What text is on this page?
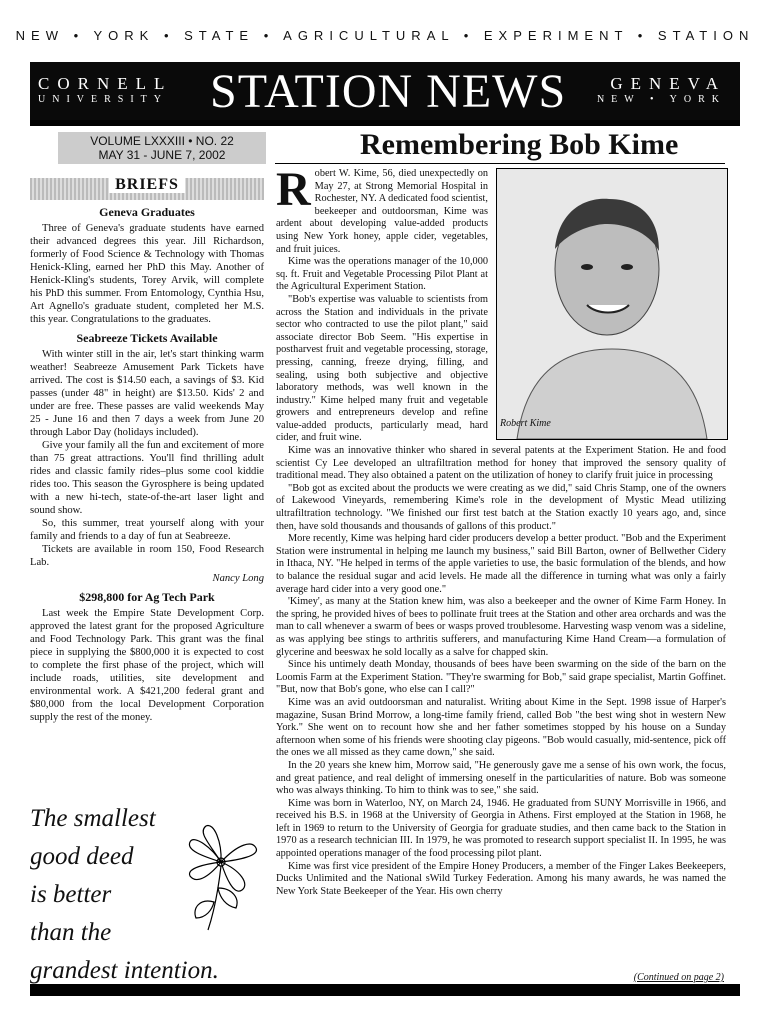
NEW • YORK • STATE • AGRICULTURAL • EXPERIMENT • STATION
CORNELL
UNIVERSITY STATION NEWS	GENEVA
NEW • YORK
VOLUME LXXXIII • NO. 22
MAY 31 - JUNE 7, 2002	Remembering Bob Kime
BRIEFS
Geneva Graduates

Three of Geneva's graduate students have earned their advanced degrees this year. Jill Richardson, formerly of Food Science & Technology with Thomas Henick-Kling, earned her PhD this May. Another of Henick-Kling's students, Torey Arvik, will complete his PhD this summer. From Entomology, Cynthia Hsu, Art Agnello's graduate student, completed her M.S. this year. Congratulations to the graduates.

Seabreeze Tickets Available

With winter still in the air, let's start thinking warm weather! Seabreeze Amusement Park Tickets have arrived. The cost is $14.50 each, a savings of $3. Kid passes (under 48" in height) are $13.50. Kids' 2 and under are free. These passes are valid weekends May 25 - June 16 and then 7 days a week from June 20 through Labor Day (holidays included).

Give your family all the fun and excitement of more than 75 great attractions. You'll find thrilling adult rides and classic family rides–plus some cool kiddie rides too. This season the Gyrosphere is being updated with a new hi-tech, state-of-the-art laser light and sound show.

So, this summer, treat yourself along with your family and friends to a day of fun at Seabreeze.

Tickets are available in room 150, Food Research Lab.

Nancy Long
$298,800 for Ag Tech Park

Last week the Empire State Development Corp. approved the latest grant for the proposed Agriculture and Food Technology Park. This grant was the final piece in supplying the $800,000 it is expected to cost to complete the first phase of the project, which will include roads, utilities, site development and environmental work. A $421,200 federal grant and $80,000 from the local Development Corporation supply the rest of the money.

The smallest
good deed
is better
than the
grandest intention.
Robert Kime

Robert W. Kime, 56, died unexpectedly on May 27, at Strong Memorial Hospital in Rochester, NY. A dedicated food scientist, beekeeper and outdoorsman, Kime was ardent about developing value-added products using New York honey, apple cider, vegetables, and fruit juices.

Kime was the operations manager of the 10,000 sq. ft. Fruit and Vegetable Processing Pilot Plant at the Agricultural Experiment Station.

"Bob's expertise was valuable to scientists from across the Station and individuals in the private sector who contracted to use the pilot plant," said associate director Bob Seem. "His expertise in postharvest fruit and vegetable processing, storage, pressing, canning, freeze drying, filling, and sealing, using both subjective and objective laboratory methods, was well known in the industry." Kime helped many fruit and vegetable growers and entrepreneurs develop and refine value-added products, particularly mead, hard cider, and fruit wine.

Kime was an innovative thinker who shared in several patents at the Experiment Station. He and food scientist Cy Lee developed an ultrafiltration method for honey that improved the sensory quality of traditional mead. They also obtained a patent on the utilization of honey to clarify fruit juice in processing

"Bob got as excited about the products we were creating as we did," said Chris Stamp, one of the owners of Lakewood Vineyards, remembering Kime's role in the development of Mystic Mead utilizing ultrafiltration technology. "We finished our first test batch at the Station exactly 10 years ago, and, since then, have sold thousands and thousands of gallons of this product."

More recently, Kime was helping hard cider producers develop a better product. "Bob and the Experiment Station were instrumental in helping me launch my business," said Bill Barton, owner of Bellwether Cidery in Ithaca, NY. "He helped in terms of the apple varieties to use, the basic formulation of the blends, and how to balance the residual sugar and acid levels. He made all the difference in turning what was only a fairly average hard cider into a very good one."

'Kimey', as many at the Station knew him, was also a beekeeper and the owner of Kime Farm Honey. In the spring, he provided hives of bees to pollinate fruit trees at the Station and other area orchards and was the man to call whenever a swarm of bees or wasps proved troublesome. Harvesting wasp venom was a sideline, as was applying bee stings to arthritis sufferers, and manufacturing Kime Hand Cream—a formulation of glycerine and beeswax he sold locally as a salve for chapped skin.

Since his untimely death Monday, thousands of bees have been swarming on the side of the barn on the Loomis Farm at the Experiment Station. "They're swarming for Bob," said grape specialist, Martin Goffinet. "But, now that Bob's gone, who else can I call?"

Kime was an avid outdoorsman and naturalist. Writing about Kime in the Sept. 1998 issue of Harper's magazine, Susan Brind Morrow, a long-time family friend, called Bob "the best wing shot in western New York." She went on to recount how she and her father sometimes stopped by his house on a Sunday afternoon when some of his friends were shooting clay pigeons. "Bob would casually, mid-sentence, pick off the ones we all missed as they came down," she said.

In the 20 years she knew him, Morrow said, "He generously gave me a sense of his own work, the focus, and great patience, and real delight of immersing oneself in the particularities of nature. Bob was someone who was always thinking. To him to think was to see," she said.

Kime was born in Waterloo, NY, on March 24, 1946. He graduated from SUNY Morrisville in 1966, and received his B.S. in 1968 at the University of Georgia in Athens. First employed at the Station in 1968, he left in 1969 to return to the University of Georgia for graduate studies, and then came back to the Station in 1970 as a research technician III. In 1979, he was promoted to research support specialist II. In 1995, he was appointed operations manager of the food processing pilot plant.

Kime was first vice president of the Empire Honey Producers, a member of the Finger Lakes Beekeepers, Ducks Unlimited and the National sWild Turkey Federation. Among his many awards, he was named the New York State Beekeeper of the Year. His own cherry

(Continued on page 2)
